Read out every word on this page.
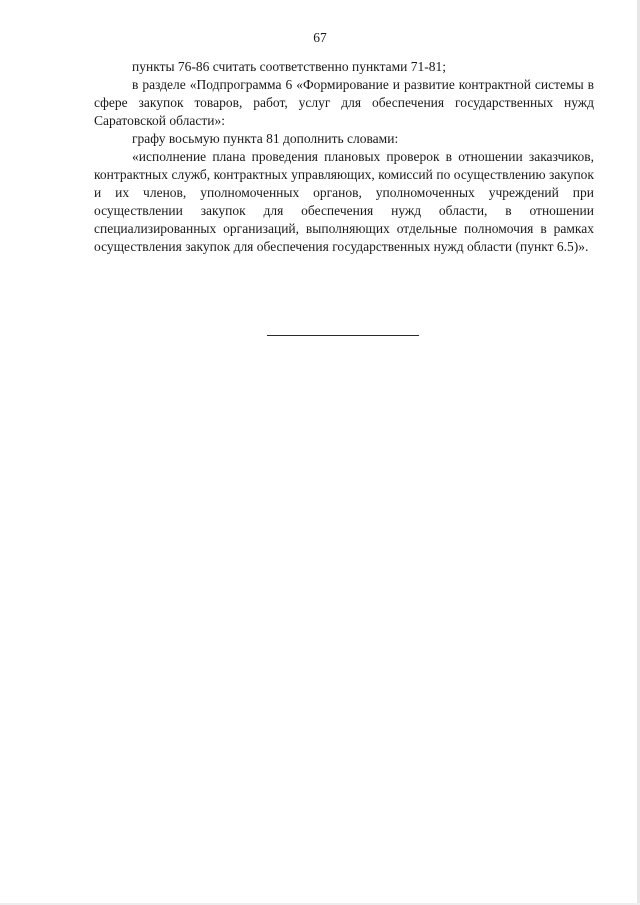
67

пункты 76-86 считать соответственно пунктами 71-81;

в разделе «Подпрограмма 6 «Формирование и развитие контрактной системы в сфере закупок товаров, работ, услуг для обеспечения государственных нужд Саратовской области»:

графу восьмую пункта 81 дополнить словами:

«исполнение плана проведения плановых проверок в отношении заказчиков, контрактных служб, контрактных управляющих, комиссий по осуществлению закупок и их членов, уполномоченных органов, уполномоченных учреждений при осуществлении закупок для обеспечения нужд области, в отношении специализированных организаций, выполняющих отдельные полномочия в рамках осуществления закупок для обеспечения государственных нужд области (пункт 6.5)».
